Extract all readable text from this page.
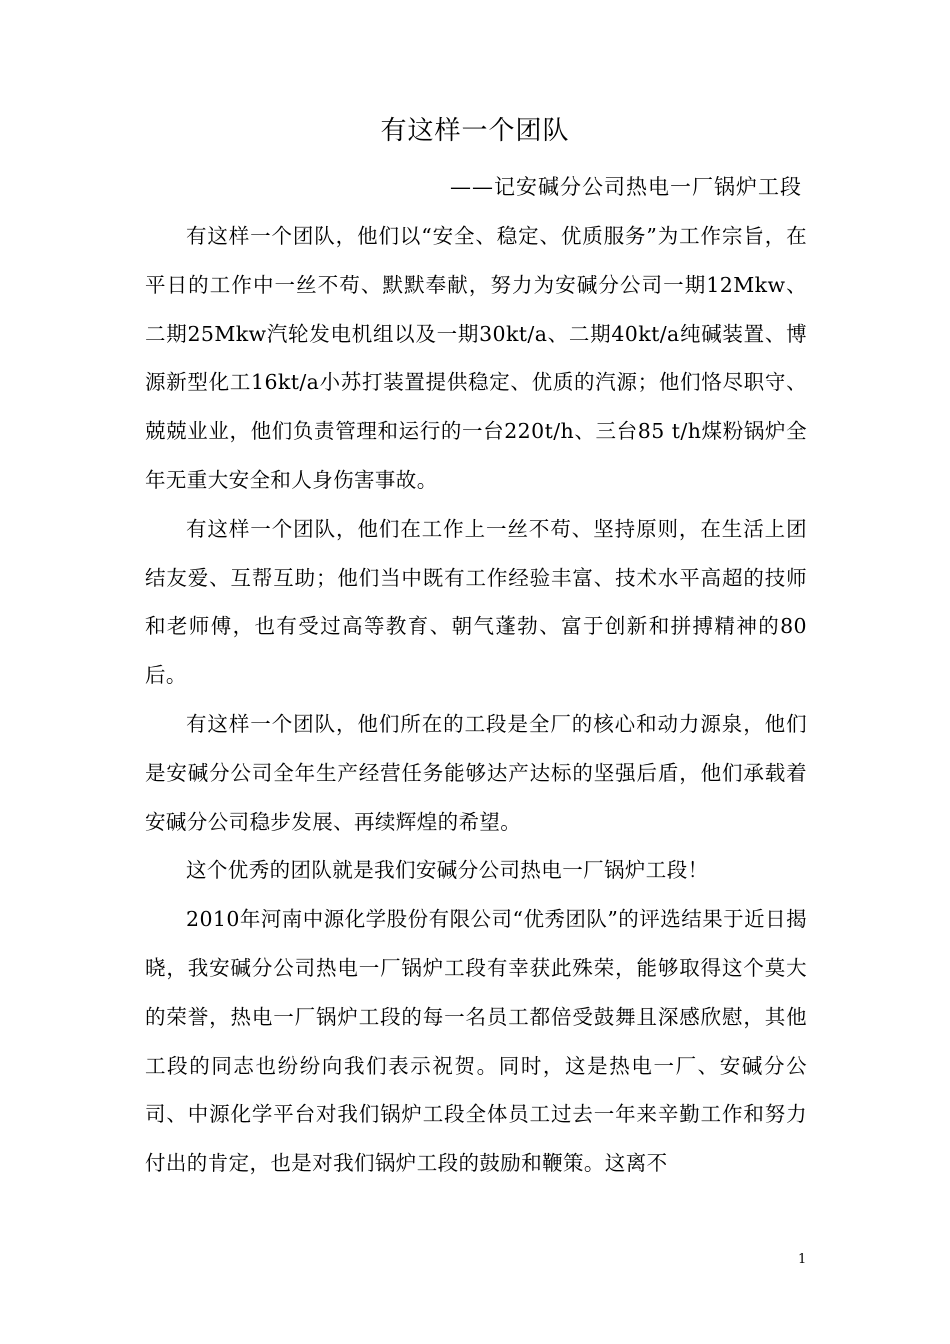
有这样一个团队
——记安碱分公司热电一厂锅炉工段

有这样一个团队，他们以“安全、稳定、优质服务”为工作宗旨，在平日的工作中一丝不苟、默默奉献，努力为安碱分公司一期12Mkw、二期25Mkw汽轮发电机组以及一期30kt/a、二期40kt/a纯碱装置、博源新型化工16kt/a小苏打装置提供稳定、优质的汽源；他们恪尽职守、兢兢业业，他们负责管理和运行的一台220t/h、三台85 t/h煤粉锅炉全年无重大安全和人身伤害事故。

有这样一个团队，他们在工作上一丝不苟、坚持原则，在生活上团结友爱、互帮互助；他们当中既有工作经验丰富、技术水平高超的技师和老师傅，也有受过高等教育、朝气蓬勃、富于创新和拼搏精神的80后。

有这样一个团队，他们所在的工段是全厂的核心和动力源泉，他们是安碱分公司全年生产经营任务能够达产达标的坚强后盾，他们承载着安碱分公司稳步发展、再续辉煌的希望。

这个优秀的团队就是我们安碱分公司热电一厂锅炉工段！

2010年河南中源化学股份有限公司“优秀团队”的评选结果于近日揭晓，我安碱分公司热电一厂锅炉工段有幸获此殊荣，能够取得这个莫大的荣誉，热电一厂锅炉工段的每一名员工都倍受鼓舞且深感欣慰，其他工段的同志也纷纷向我们表示祝贺。同时，这是热电一厂、安碱分公司、中源化学平台对我们锅炉工段全体员工过去一年来辛勤工作和努力付出的肯定，也是对我们锅炉工段的鼓励和鞭策。这离不

1
